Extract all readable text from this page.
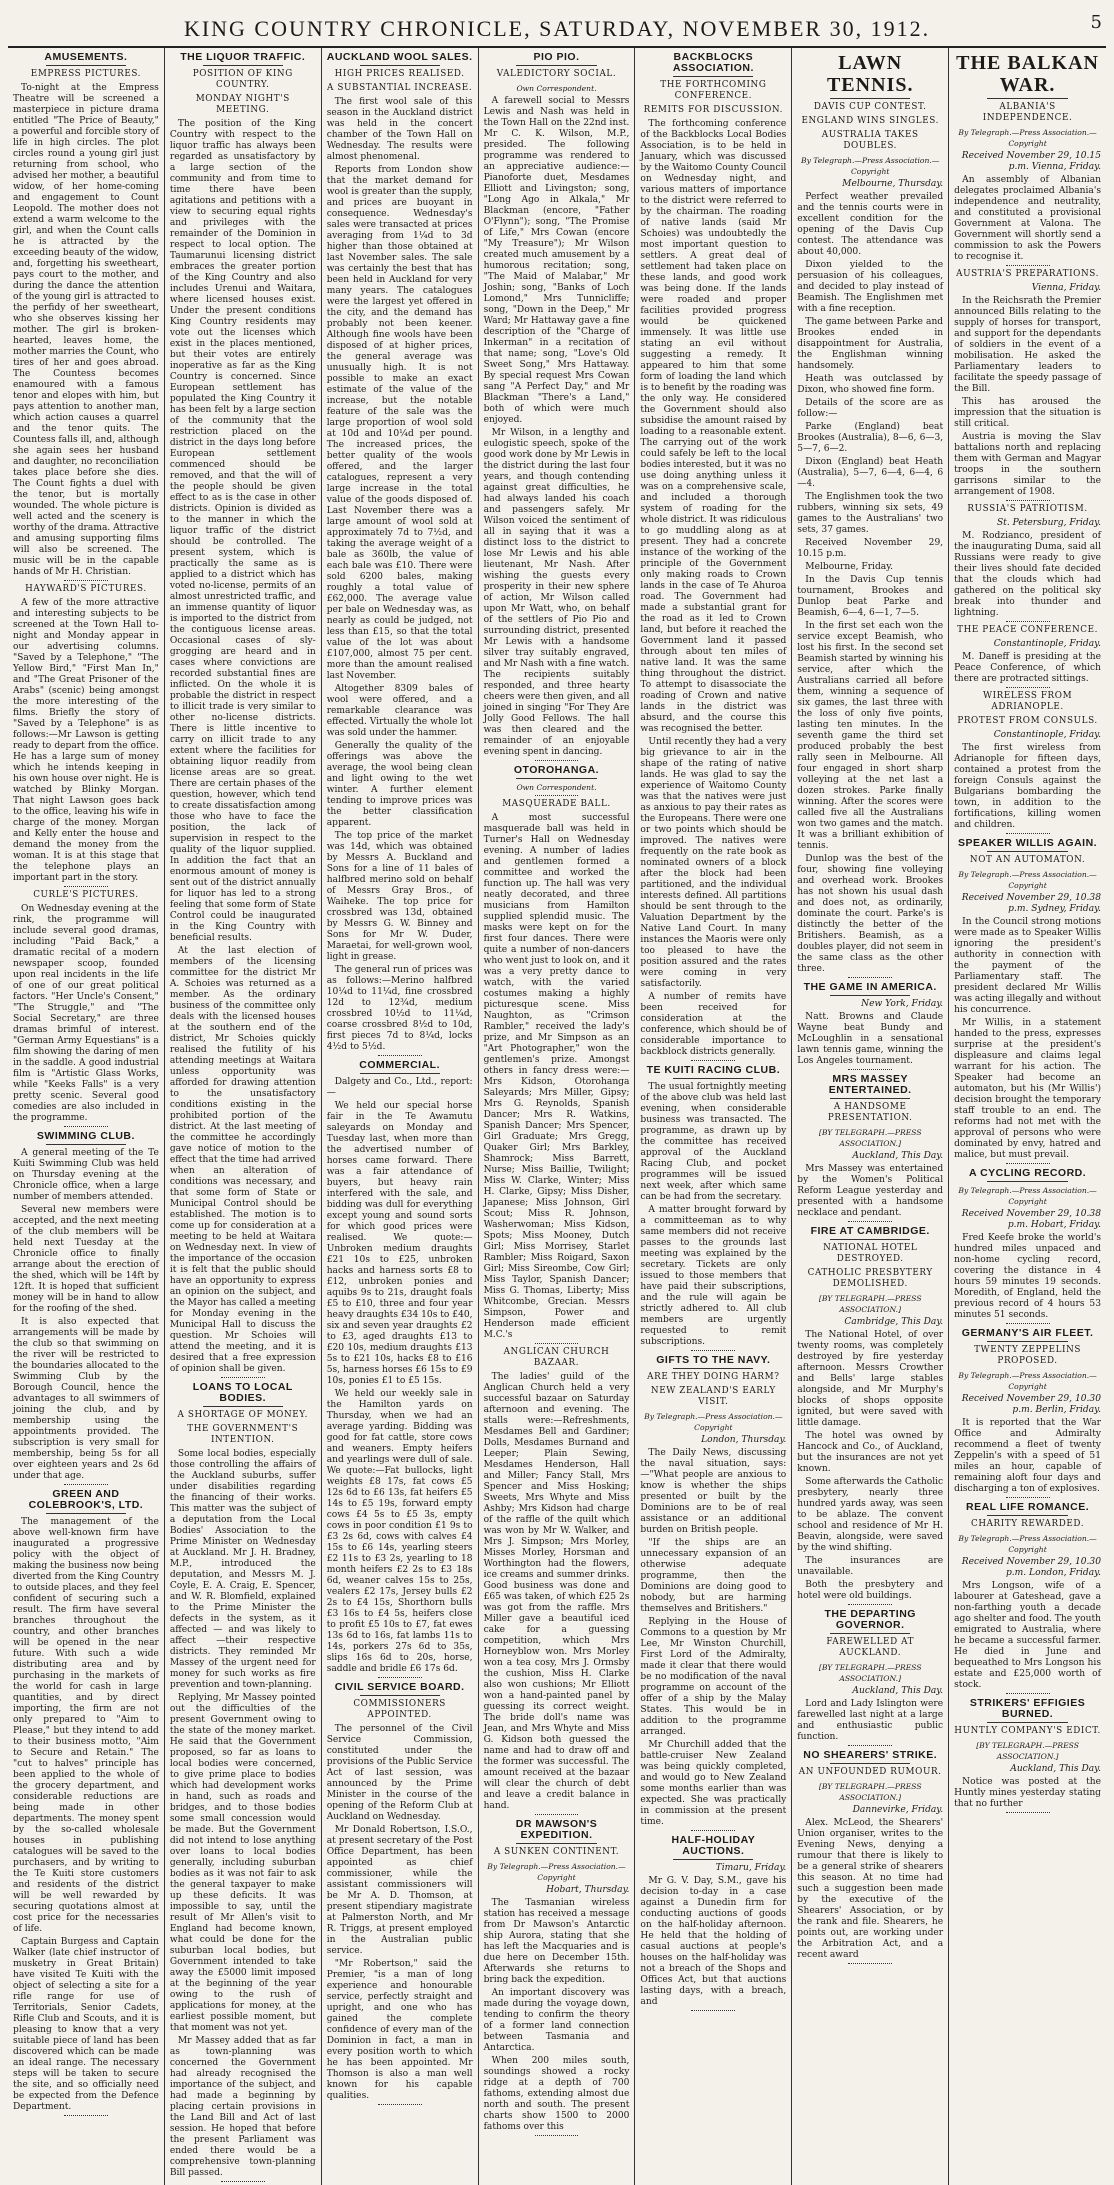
KING COUNTRY CHRONICLE, SATURDAY, NOVEMBER 30, 1912.	5
AMUSEMENTS.
EMPRESS PICTURES.

To-night at the Empress Theatre will be screened a masterpiece in picture drama entitled "The Price of Beauty," a powerful and forcible story of life in high circles. The plot circles round a young girl just returning from school, who advised her mother, a beautiful widow, of her home-coming and engagement to Count Leopold. The mother does not extend a warm welcome to the girl, and when the Count calls he is attracted by the exceeding beauty of the widow, and, forgetting his sweetheart, pays court to the mother, and during the dance the attention of the young girl is attracted to the perfidy of her sweetheart, who she observes kissing her mother. The girl is broken-hearted, leaves home, the mother marries the Count, who tires of her and goes abroad. The Countess becomes enamoured with a famous tenor and elopes with him, but pays attention to another man, which action causes a quarrel and the tenor quits. The Countess falls ill, and, although she again sees her husband and daughter, no reconciliation takes place before she dies. The Count fights a duel with the tenor, but is mortally wounded. The whole picture is well acted and the scenery is worthy of the drama. Attractive and amusing supporting films will also be screened. The music will be in the capable hands of Mr H. Christian.

HAYWARD'S PICTURES.

A few of the more attractive and interesting subjects to be screened at the Town Hall to-night and Monday appear in our advertising columns. "Saved by a Telephone," "The Yellow Bird," "First Man In," and "The Great Prisoner of the Arabs" (scenic) being amongst the more interesting of the films. Briefly the story of "Saved by a Telephone" is as follows:—Mr Lawson is getting ready to depart from the office. He has a large sum of money which he intends keeping in his own house over night. He is watched by Blinky Morgan. That night Lawson goes back to the office, leaving his wife in charge of the money. Morgan and Kelly enter the house and demand the money from the woman. It is at this stage that the telephone plays an important part in the story.

CURLE'S PICTURES.

On Wednesday evening at the rink, the programme will include several good dramas, including "Paid Back," a dramatic recital of a modern newspaper scoop, founded upon real incidents in the life of one of our great political factors. "Her Uncle's Consent," "The Struggle," and "The Social Secretary," are three dramas brimful of interest. "German Army Equestians" is a film showing the daring of men in the saddle. A good industrial film is "Artistic Glass Works, while "Keeks Falls" is a very pretty scenic. Several good comedies are also included in the programme.

SWIMMING CLUB.

A general meeting of the Te Kuiti Swimming Club was held on Thursday evening at the Chronicle office, when a large number of members attended.

Several new members were accepted, and the next meeting of the club members will be held next Tuesday at the Chronicle office to finally arrange about the erection of the shed, which will be 14ft by 12ft. It is hoped that sufficient money will be in hand to allow for the roofing of the shed.

It is also expected that arrangements will be made by the club so that swimming on the river will be restricted to the boundaries allocated to the Swimming Club by the Borough Council, hence the advantages to all swimmers of joining the club, and by membership using the appointments provided. The subscription is very small for membership, being 5s for all over eighteen years and 2s 6d under that age.

GREEN AND COLEBROOK'S, LTD.

The management of the above well-known firm have inaugurated a progressive policy with the object of making the business now being diverted from the King Country to outside places, and they feel confident of securing such a result. The firm have several branches throughout the country, and other branches will be opened in the near future. With such a wide distributing area and by purchasing in the markets of the world for cash in large quantities, and by direct importing, the firm are not only prepared to "Aim to Please," but they intend to add to their business motto, "Aim to Secure and Retain." The "cut to halves" principle has been applied to the whole of the grocery department, and considerable reductions are being made in other departments. The money spent by the so-called wholesale houses in publishing catalogues will be saved to the purchasers, and by writing to the Te Kuiti store customers and residents of the district will be well rewarded by securing quotations almost at cost price for the necessaries of life.

Captain Burgess and Captain Walker (late chief instructor of musketry in Great Britain) have visited Te Kuiti with the object of selecting a site for a rifle range for use of Territorials, Senior Cadets, Rifle Club and Scouts, and it is pleasing to know that a very suitable piece of land has been discovered which can be made an ideal range. The necessary steps will be taken to secure the site, and so officially need be expected from the Defence Department.

THE LIQUOR TRAFFIC.
POSITION OF KING COUNTRY.
MONDAY NIGHT'S MEETING.

The position of the King Country with respect to the liquor traffic has always been regarded as unsatisfactory by a large section of the community and from time to time there have been agitations and petitions with a view to securing equal rights and privileges with the remainder of the Dominion in respect to local option. The Taumarunui licensing district embraces the greater portion of the King Country and also includes Urenui and Waitara, where licensed houses exist. Under the present conditions King Country residents may vote out the licenses which exist in the places mentioned, but their votes are entirely inoperative as far as the King Country is concerned. Since European settlement has populated the King Country it has been felt by a large section of the community that the restriction placed on the district in the days long before European settlement commenced should be removed, and that the will of the people should be given effect to as is the case in other districts. Opinion is divided as to the manner in which the liquor traffic of the district should be controlled. The present system, which is practically the same as is applied to a district which has voted no-license, permits of an almost unrestricted traffic, and an immense quantity of liquor is imported to the district from the contiguous license areas. Occasional cases of sly-grogging are heard and in cases where convictions are recorded substantial fines are inflicted. On the whole it is probable the district in respect to illicit trade is very similar to other no-license districts. There is little incentive to carry on illicit trade to any extent where the facilities for obtaining liquor readily from license areas are so great. There are certain phases of the question, however, which tend to create dissatisfaction among those who have to face the position, the lack of supervision in respect to the quality of the liquor supplied. In addition the fact that an enormous amount of money is sent out of the district annually for liquor has led to a strong feeling that some form of State Control could be inaugurated in the King Country with beneficial results.

At the last election of members of the licensing committee for the district Mr A. Schoies was returned as a member. As the ordinary business of the committee only deals with the licensed houses at the southern end of the district, Mr Schoies quickly realised the futility of his attending meetings at Waitara unless opportunity was afforded for drawing attention to the unsatisfactory conditions existing in the prohibited portion of the district. At the last meeting of the committee he accordingly gave notice of motion to the effect that the time had arrived when an alteration of conditions was necessary, and that some form of State or Municipal Control should be established. The motion is to come up for consideration at a meeting to be held at Waitara on Wednesday next. In view of the importance of the occasion it is felt that the public should have an opportunity to express an opinion on the subject, and the Mayor has called a meeting for Monday evening in the Municipal Hall to discuss the question. Mr Schoies will attend the meeting, and it is desired that a free expression of opinion shall be given.

LOANS TO LOCAL BODIES.
A SHORTAGE OF MONEY.
THE GOVERNMENT'S INTENTION.

Some local bodies, especially those controlling the affairs of the Auckland suburbs, suffer under disabilities regarding the financing of their works. This matter was the subject of a deputation from the Local Bodies' Association to the Prime Minister on Wednesday at Auckland. Mr J. H. Bradney, M.P., introduced the deputation, and Messrs M. J. Coyle, E. A. Craig, E. Spencer, and W. R. Blomfield, explained to the Prime Minister the defects in the system, as it affected — and was likely to affect —their respective districts. They reminded Mr Massey of the urgent need for money for such works as fire prevention and town-planning.

Replying, Mr Massey pointed out the difficulties of the present Government owing to the state of the money market. He said that the Government proposed, so far as loans to local bodies were concerned, to give prime place to bodies which had development works in hand, such as roads and bridges, and to those bodies some small concession would be made. But the Government did not intend to lose anything over loans to local bodies generally, including suburban bodies as it was not fair to ask the general taxpayer to make up these deficits. It was impossible to say, until the result of Mr Allen's visit to England had become known, what could be done for the suburban local bodies, but Government intended to take away the £5000 limit imposed at the beginning of the year owing to the rush of applications for money, at the earliest possible moment, but that moment was not yet.

Mr Massey added that as far as town-planning was concerned the Government had already recognised the importance of the subject, and had made a beginning by placing certain provisions in the Land Bill and Act of last session. He hoped that before the present Parliament was ended there would be a comprehensive town-planning Bill passed.

AUCKLAND WOOL SALES.
HIGH PRICES REALISED.
A SUBSTANTIAL INCREASE.

The first wool sale of this season in the Auckland district was held in the concert chamber of the Town Hall on Wednesday. The results were almost phenomenal.

Reports from London show that the market demand for wool is greater than the supply, and prices are buoyant in consequence. Wednesday's sales were transacted at prices averaging from 1¼d to 3d higher than those obtained at last November sales. The sale was certainly the best that has been held in Auckland for very many years. The catalogues were the largest yet offered in the city, and the demand has probably not been keener. Although fine wools have been disposed of at higher prices, the general average was unusually high. It is not possible to make an exact estimate of the value of the increase, but the notable feature of the sale was the large proportion of wool sold at 10d and 10¼d per pound. The increased prices, the better quality of the wools offered, and the larger catalogues, represent a very large increase in the total value of the goods disposed of. Last November there was a large amount of wool sold at approximately 7d to 7½d, and taking the average weight of a bale as 360lb, the value of each bale was £10. There were sold 6200 bales, making roughly a total value of £62,000. The average value per bale on Wednesday was, as nearly as could be judged, not less than £15, so that the total value of the lot was about £107,000, almost 75 per cent. more than the amount realised last November.

Altogether 8309 bales of wool were offered, and a remarkable clearance was effected. Virtually the whole lot was sold under the hammer.

Generally the quality of the offerings was above the average, the wool being clean and light owing to the wet winter. A further element tending to improve prices was the better classification apparent.

The top price of the market was 14d, which was obtained by Messrs A. Buckland and Sons for a line of 11 bales of halfbred merino sold on behalf of Messrs Gray Bros., of Waiheke. The top price for crossbred was 13d, obtained by Messrs G. W. Binney and Sons for Mr W. Duder, Maraetai, for well-grown wool, light in grease.

The general run of prices was as follows:—Merino halfbred 10¼d to 11¼d, fine crossbred 12d to 12¾d, medium crossbred 10½d to 11¼d, coarse crossbred 8½d to 10d, first pieces 7d to 8¼d, locks 4½d to 5½d.

COMMERCIAL.

Dalgety and Co., Ltd., report:—

We held our special horse fair in the Te Awamutu saleyards on Monday and Tuesday last, when more than the advertised number of horses came forward. There was a fair attendance of buyers, but heavy rain interfered with the sale, and bidding was dull for everything except young and sound sorts for which good prices were realised. We quote:— Unbroken medium draughts £21 10s to £25, unbroken hacks and harness sorts £8 to £12, unbroken ponies and aquibs 9s to 21s, draught foals £5 to £10, three and four year heavy draughts £34 10s to £40, six and seven year draughts £2 to £3, aged draughts £13 to £20 10s, medium draughts £13 5s to £21 10s, hacks £8 to £16 5s, harness horses £6 15s to £9 10s, ponies £1 to £5 15s.

We held our weekly sale in the Hamilton yards on Thursday, when we had an average yarding. Bidding was good for fat cattle, store cows and weaners. Empty heifers and yearlings were dull of sale. We quote:—Fat bullocks, light weights £8 17s, fat cows £5 12s 6d to £6 13s, fat heifers £5 14s to £5 19s, forward empty cows £4 5s to £5 3s, empty cows in poor condition £1 9s to £3 2s 6d, cows with calves £4 15s to £6 14s, yearling steers £2 11s to £3 2s, yearling to 18 month heifers £2 2s to £3 18s 6d, weaner calves 15s to 25s, vealers £2 17s, Jersey bulls £2 2s to £4 15s, Shorthorn bulls £3 16s to £4 5s, heifers close to profit £5 10s to £7, fat ewes 13s 6d to 16s, fat lambs 11s to 14s, porkers 27s 6d to 35s, slips 16s 6d to 20s, horse, saddle and bridle £6 17s 6d.

CIVIL SERVICE BOARD.
COMMISSIONERS APPOINTED.

The personnel of the Civil Service Commission, constituted under the provisions of the Public Service Act of last session, was announced by the Prime Minister in the course of the opening of the Reform Club at Auckland on Wednesday.

Mr Donald Robertson, I.S.O., at present secretary of the Post Office Department, has been appointed as chief commissioner, while the assistant commissioners will be Mr A. D. Thomson, at present stipendiary magistrate at Palmerston North, and Mr R. Triggs, at present employed in the Australian public service.

"Mr Robertson," said the Premier, "is a man of long experience and honourable service, perfectly straight and upright, and one who has gained the complete confidence of every man of the Dominion in fact, a man in every position worth to which he has been appointed. Mr Thomson is also a man well known for his capable qualities.

PIO PIO.
VALEDICTORY SOCIAL.
Own Correspondent.

A farewell social to Messrs Lewis and Nash was held in the Town Hall on the 22nd inst. Mr C. K. Wilson, M.P., presided. The following programme was rendered to an appreciative audience:—Pianoforte duet, Mesdames Elliott and Livingston; song, "Long Ago in Alkala," Mr Blackman (encore, "Father O'Flynn"); song, "The Promise of Life," Mrs Cowan (encore "My Treasure"); Mr Wilson created much amusement by a humorous recitation; song, "The Maid of Malabar," Mr Joshin; song, "Banks of Loch Lomond," Mrs Tunnicliffe; song, "Down in the Deep," Mr Ward; Mr Hattaway gave a fine description of the "Charge of Inkerman" in a recitation of that name; song, "Love's Old Sweet Song," Mrs Hattaway. By special request Mrs Cowan sang "A Perfect Day," and Mr Blackman "There's a Land," both of which were much enjoyed.

Mr Wilson, in a lengthy and eulogistic speech, spoke of the good work done by Mr Lewis in the district during the last four years, and though contending against great difficulties, he had always landed his coach and passengers safely. Mr Wilson voiced the sentiment of all in saying that it was a distinct loss to the district to lose Mr Lewis and his able lieutenant, Mr Nash. After wishing the guests every prosperity in their new sphere of action, Mr Wilson called upon Mr Watt, who, on behalf of the settlers of Pio Pio and surrounding district, presented Mr Lewis with a handsome silver tray suitably engraved, and Mr Nash with a fine watch. The recipients suitably responded, and three hearty cheers were then given, and all joined in singing "For They Are Jolly Good Fellows. The hall was then cleared and the remainder of an enjoyable evening spent in dancing.

OTOROHANGA.
Own Correspondent.
MASQUERADE BALL.

A most successful masquerade ball was held in Turner's Hall on Wednesday evening. A number of ladies and gentlemen formed a committee and worked the function up. The hall was very neatly decorated, and three musicians from Hamilton supplied splendid music. The masks were kept on for the first four dances. There were quite a number of non-dancers who went just to look on, and it was a very pretty dance to watch, with the varied costumes making a highly picturesque scene. Miss Naughton, as "Crimson Rambler," received the lady's prize, and Mr Simpson as an "Art Photographer," won the gentlemen's prize. Amongst others in fancy dress were:—Mrs Kidson, Otorohanga Saleyards; Mrs Miller, Gipsy; Mrs G. Reynolds, Spanish Dancer; Mrs R. Watkins, Spanish Dancer; Mrs Spencer, Girl Graduate; Mrs Gregg, Quaker Girl; Mrs Barkley, Shamrock; Miss Barrett, Nurse; Miss Baillie, Twilight; Miss W. Clarke, Winter; Miss H. Clarke, Gipsy; Miss Disher, Japanese; Miss Johnson, Girl Scout; Miss R. Johnson, Washerwoman; Miss Kidson, Spots; Miss Mooney, Dutch Girl; Miss Morrisey, Starlet Rambler; Miss Roigard, Saxon Girl; Miss Sireombe, Cow Girl; Miss Taylor, Spanish Dancer; Miss G. Thomas, Liberty; Miss Whitcombe, Grecian. Messrs Simpson, Power and Henderson made efficient M.C.'s

ANGLICAN CHURCH BAZAAR.

The ladies' guild of the Anglican Church held a very successful bazaar on Saturday afternoon and evening. The stalls were:—Refreshments, Mesdames Bell and Gardiner; Dolls, Mesdames Burnand and Leeper; Plain Sewing, Mesdames Henderson, Hall and Miller; Fancy Stall, Mrs Spencer and Miss Hosking; Sweets, Mrs Whyte and Miss Ashby; Mrs Kidson had charge of the raffle of the quilt which was won by Mr W. Walker, and Mrs J. Simpson; Mrs Morley, Misses Morley, Horsman and Worthington had the flowers, ice creams and summer drinks. Good business was done and £65 was taken, of which £25 2s was got from the raffle. Mrs Miller gave a beautiful iced cake for a guessing competition, which Mrs Horneyblow won. Mrs Morley won a tea cosy, Mrs J. Ormsby the cushion, Miss H. Clarke also won cushions; Mr Elliott won a hand-painted panel by guessing its correct weight. The bride doll's name was Jean, and Mrs Whyte and Miss G. Kidson both guessed the name and had to draw off and the former was successful. The amount received at the bazaar will clear the church of debt and leave a credit balance in hand.

DR MAWSON'S EXPEDITION.
A SUNKEN CONTINENT.
By Telegraph.—Press Association.—Copyright
Hobart, Thursday.

The Tasmanian wireless station has received a message from Dr Mawson's Antarctic ship Aurora, stating that she has left the Macquaries and is due here on December 15th. Afterwards she returns to bring back the expedition.

An important discovery was made during the voyage down, tending to confirm the theory of a former land connection between Tasmania and Antarctica.

When 200 miles south, soundings showed a rocky ridge at a depth of 700 fathoms, extending almost due north and south. The present charts show 1500 to 2000 fathoms over this

BACKBLOCKS ASSOCIATION.
THE FORTHCOMING CONFERENCE.
REMITS FOR DISCUSSION.

The forthcoming conference of the Backblocks Local Bodies Association, is to be held in January, which was discussed by the Waitomo County Council on Wednesday night, and various matters of importance to the district were referred to by the chairman. The roading of native lands (said Mr Schoies) was undoubtedly the most important question to settlers. A great deal of settlement had taken place on these lands, and good work was being done. If the lands were roaded and proper facilities provided progress would be quickened immensely. It was little use stating an evil without suggesting a remedy. It appeared to him that some form of loading the land which is to benefit by the roading was the only way. He considered the Government should also subsidise the amount raised by loading to a reasonable extent. The carrying out of the work could safely be left to the local bodies interested, but it was no use doing anything unless it was on a comprehensive scale, and included a thorough system of roading for the whole district. It was ridiculous to go muddling along as at present. They had a concrete instance of the working of the principle of the Government only making roads to Crown lands in the case of Te Ahuroa road. The Government had made a substantial grant for the road as it led to Crown land, but before it reached the Government land it passed through about ten miles of native land. It was the same thing throughout the district. To attempt to disassociate the roading of Crown and native lands in the district was absurd, and the course this was recognised the better.

Until recently they had a very big grievance to air in the shape of the rating of native lands. He was glad to say the experience of Waitomo County was that the natives were just as anxious to pay their rates as the Europeans. There were one or two points which should be improved. The natives were frequently on the rate book as nominated owners of a block after the block had been partitioned, and the individual interests defined. All partitions should be sent through to the Valuation Department by the Native Land Court. In many instances the Maoris were only too pleased to have the position assured and the rates were coming in very satisfactorily.

A number of remits have been received for consideration at the conference, which should be of considerable importance to backblock districts generally.

TE KUITI RACING CLUB.

The usual fortnightly meeting of the above club was held last evening, when considerable business was transacted. The programme, as drawn up by the committee has received approval of the Auckland Racing Club, and pocket programmes will be issued next week, after which same can be had from the secretary.

A matter brought forward by a committeeman as to why same members did not receive passes to the grounds last meeting was explained by the secretary. Tickets are only issued to those members that have paid their subscriptions, and the rule will again be strictly adhered to. All club members are urgently requested to remit subscriptions.

GIFTS TO THE NAVY.
ARE THEY DOING HARM?
NEW ZEALAND'S EARLY VISIT.
By Telegraph.—Press Association.—Copyright
London, Thursday.

The Daily News, discussing the naval situation, says:—"What people are anxious to know is whether the ships presented or built by the Dominions are to be of real assistance or an additional burden on British people.

"If the ships are an unnecessary expansion of an otherwise adequate programme, then the Dominions are doing good to nobody, but are harming themselves and Britishers."

Replying in the House of Commons to a question by Mr Lee, Mr Winston Churchill, First Lord of the Admiralty, made it clear that there would be no modification of the naval programme on account of the offer of a ship by the Malay States. This would be in addition to the programme arranged.

Mr Churchill added that the battle-cruiser New Zealand was being quickly completed, and would go to New Zealand some months earlier than was expected. She was practically in commission at the present time.

HALF-HOLIDAY AUCTIONS.
Timaru, Friday.

Mr G. V. Day, S.M., gave his decision to-day in a case against a Dunedin firm for conducting auctions of goods on the half-holiday afternoon. He held that the holding of casual auctions at people's houses on the half-holiday was not a breach of the Shops and Offices Act, but that auctions lasting days, with a breach, and

LAWN TENNIS.
DAVIS CUP CONTEST.
ENGLAND WINS SINGLES.
AUSTRALIA TAKES DOUBLES.
By Telegraph.—Press Association.—Copyright
Melbourne, Thursday.

Perfect weather prevailed and the tennis courts were in excellent condition for the opening of the Davis Cup contest. The attendance was about 40,000.

Dixon yielded to the persuasion of his colleagues, and decided to play instead of Beamish. The Englishmen met with a fine reception.

The game between Parke and Brookes ended in disappointment for Australia, the Englishman winning handsomely.

Heath was outclassed by Dixon, who showed fine form.

Details of the score are as follow:—

Parke (England) beat Brookes (Australia), 8—6, 6—3, 5—7, 6—2.

Dixon (England) beat Heath (Australia), 5—7, 6—4, 6—4, 6—4.

The Englishmen took the two rubbers, winning six sets, 49 games to the Australians' two sets, 37 games.

Received November 29, 10.15 p.m.

Melbourne, Friday.

In the Davis Cup tennis tournament, Brookes and Dunlop beat Parke and Beamish, 6—4, 6—1, 7—5.

In the first set each won the service except Beamish, who lost his first. In the second set Beamish started by winning his service, after which the Australians carried all before them, winning a sequence of six games, the last three with the loss of only five points, lasting ten minutes. In the seventh game the third set produced probably the best rally seen in Melbourne. All four engaged in short sharp volleying at the net last a dozen strokes. Parke finally winning. After the scores were called five all the Australians won two games and the match. It was a brilliant exhibition of tennis.

Dunlop was the best of the four, showing fine volleying and overhead work. Brookes has not shown his usual dash and does not, as ordinarily, dominate the court. Parke's is distinctly the better of the Britishers. Beamish, as a doubles player, did not seem in the same class as the other three.

THE GAME IN AMERICA.
New York, Friday.

Natt. Browns and Claude Wayne beat Bundy and McLoughlin in a sensational lawn tennis game, winning the Los Angeles tournament.

MRS MASSEY ENTERTAINED.
A HANDSOME PRESENTATION.
[BY TELEGRAPH.—PRESS ASSOCIATION.]
Auckland, This Day.

Mrs Massey was entertained by the Women's Political Reform League yesterday and presented with a handsome necklace and pendant.

FIRE AT CAMBRIDGE.
NATIONAL HOTEL DESTROYED.
CATHOLIC PRESBYTERY DEMOLISHED.
[BY TELEGRAPH.—PRESS ASSOCIATION.]
Cambridge, This Day.

The National Hotel, of over twenty rooms, was completely destroyed by fire yesterday afternoon. Messrs Crowther and Bells' large stables alongside, and Mr Murphy's blocks of shops opposite ignited, but were saved with little damage.

The hotel was owned by Hancock and Co., of Auckland, but the insurances are not yet known.

Some afterwards the Catholic presbytery, nearly three hundred yards away, was seen to be ablaze. The convent school and residence of Mr H. Beavin, alongside, were saved by the wind shifting.

The insurances are unavailable.

Both the presbytery and hotel were old buildings.

THE DEPARTING GOVERNOR.
FAREWELLED AT AUCKLAND.
[BY TELEGRAPH.—PRESS ASSOCIATION.]
Auckland, This Day.

Lord and Lady Islington were farewelled last night at a large and enthusiastic public function.

NO SHEARERS' STRIKE.
AN UNFOUNDED RUMOUR.
[BY TELEGRAPH.—PRESS ASSOCIATION.]
Dannevirke, Friday.

Alex. McLeod, the Shearers' Union organiser, writes to the Evening News, denying a rumour that there is likely to be a general strike of shearers this season. At no time had such a suggestion been made by the executive of the Shearers' Association, or by the rank and file. Shearers, he points out, are working under the Arbitration Act, and a recent award

THE BALKAN WAR.
ALBANIA'S INDEPENDENCE.
By Telegraph.—Press Association.—Copyright
Received November 29, 10.15 p.m. Vienna, Friday.

An assembly of Albanian delegates proclaimed Albania's independence and neutrality, and constituted a provisional Government at Valona. The Government will shortly send a commission to ask the Powers to recognise it.

AUSTRIA'S PREPARATIONS.
Vienna, Friday.

In the Reichsrath the Premier announced Bills relating to the supply of horses for transport, and support for the dependants of soldiers in the event of a mobilisation. He asked the Parliamentary leaders to facilitate the speedy passage of the Bill.

This has aroused the impression that the situation is still critical.

Austria is moving the Slav battalions north and replacing them with German and Magyar troops in the southern garrisons similar to the arrangement of 1908.

RUSSIA'S PATRIOTISM.
St. Petersburg, Friday.

M. Rodzianco, president of the inaugurating Duma, said all Russians were ready to give their lives should fate decided that the clouds which had gathered on the political sky break into thunder and lightning.

THE PEACE CONFERENCE.
Constantinople, Friday.

M. Daneff is presiding at the Peace Conference, of which there are protracted sittings.

WIRELESS FROM ADRIANOPLE.
PROTEST FROM CONSULS.
Constantinople, Friday.

The first wireless from Adrianople for fifteen days, contained a protest from the foreign Consuls against the Bulgarians bombarding the town, in addition to the fortifications, killing women and children.

SPEAKER WILLIS AGAIN.
NOT AN AUTOMATON.
By Telegraph.—Press Association.—Copyright
Received November 29, 10.38 p.m. Sydney, Friday.

In the Council strong motions were made as to Speaker Willis ignoring the president's authority in connection with the payment of the Parliamentary staff. The president declared Mr Willis was acting illegally and without his concurrence.

Mr Willis, in a statement handed to the press, expresses surprise at the president's displeasure and claims legal warrant for his action. The Speaker had become an automaton, but his (Mr Willis') decision brought the temporary staff trouble to an end. The reforms had not met with the approval of persons who were dominated by envy, hatred and malice, but must prevail.

A CYCLING RECORD.
By Telegraph.—Press Association.—Copyright
Received November 29, 10.38 p.m. Hobart, Friday.

Fred Keefe broke the world's hundred miles unpaced and non-home cycling record, covering the distance in 4 hours 59 minutes 19 seconds. Moredith, of England, held the previous record of 4 hours 53 minutes 51 seconds.

GERMANY'S AIR FLEET.
TWENTY ZEPPELINS PROPOSED.
By Telegraph.—Press Association.—Copyright
Received November 29, 10.30 p.m. Berlin, Friday.

It is reported that the War Office and Admiralty recommend a fleet of twenty Zeppelin's with a speed of 51 miles an hour, capable of remaining aloft four days and discharging a ton of explosives.

REAL LIFE ROMANCE.
CHARITY REWARDED.
By Telegraph.—Press Association.—Copyright
Received November 29, 10.30 p.m. London, Friday.

Mrs Longson, wife of a labourer at Gateshead, gave a non-farthing youth a decade ago shelter and food. The youth emigrated to Australia, where he became a successful farmer. He died in June and bequeathed to Mrs Longson his estate and £25,000 worth of stock.

STRIKERS' EFFIGIES BURNED.
HUNTLY COMPANY'S EDICT.
[BY TELEGRAPH.—PRESS ASSOCIATION.]
Auckland, This Day.

Notice was posted at the Huntly mines yesterday stating that no further
